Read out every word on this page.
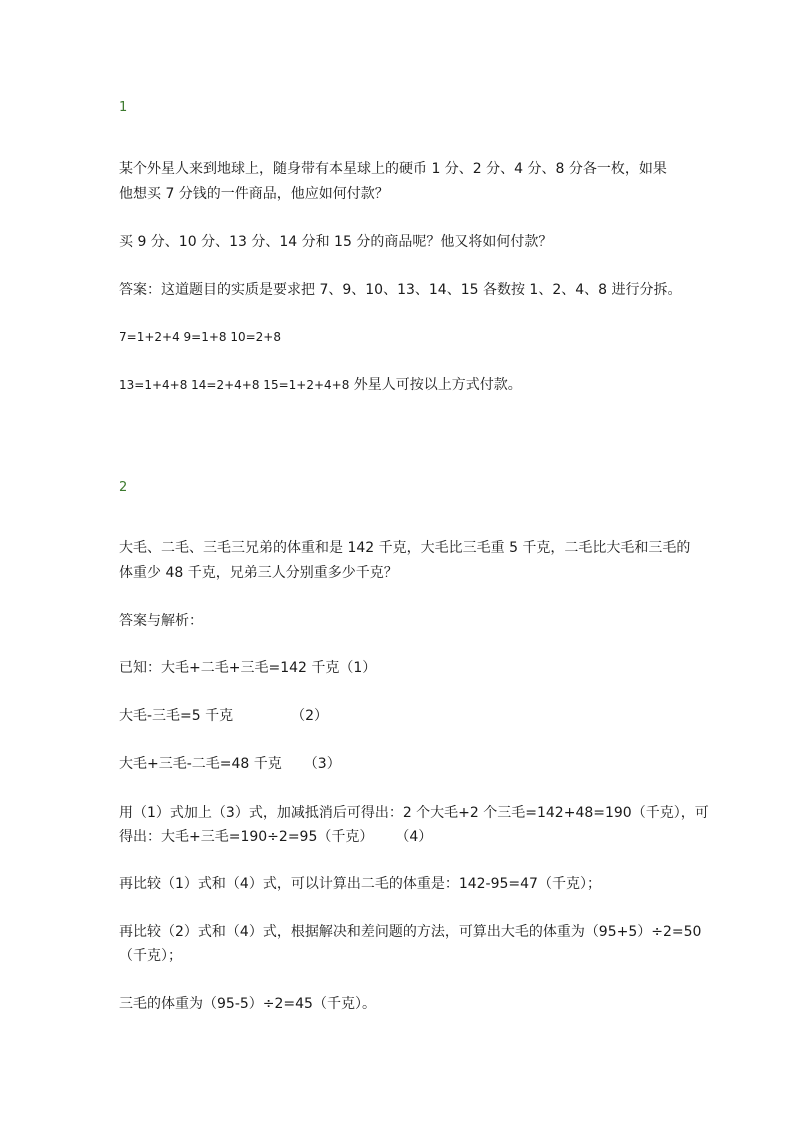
1
某个外星人来到地球上，随身带有本星球上的硬币 1 分、2 分、4 分、8 分各一枚，如果
他想买 7 分钱的一件商品，他应如何付款？
买 9 分、10 分、13 分、14 分和 15 分的商品呢？他又将如何付款？
答案：这道题目的实质是要求把 7、9、10、13、14、15 各数按 1、2、4、8 进行分拆。
7=1+2+4 9=1+8 10=2+8
13=1+4+8 14=2+4+8 15=1+2+4+8 外星人可按以上方式付款。
2
大毛、二毛、三毛三兄弟的体重和是 142 千克，大毛比三毛重 5 千克，二毛比大毛和三毛的
体重少 48 千克，兄弟三人分别重多少千克？
答案与解析：
已知：大毛+二毛+三毛=142 千克（1）
大毛-三毛=5 千克	（2）
大毛+三毛-二毛=48 千克 （3）
用（1）式加上（3）式，加减抵消后可得出：2 个大毛+2 个三毛=142+48=190（千克），可
得出：大毛+三毛=190÷2=95（千克） （4）
再比较（1）式和（4）式，可以计算出二毛的体重是：142-95=47（千克）；
再比较（2）式和（4）式，根据解决和差问题的方法，可算出大毛的体重为（95+5）÷2=50
（千克）；
三毛的体重为（95-5）÷2=45（千克）。
